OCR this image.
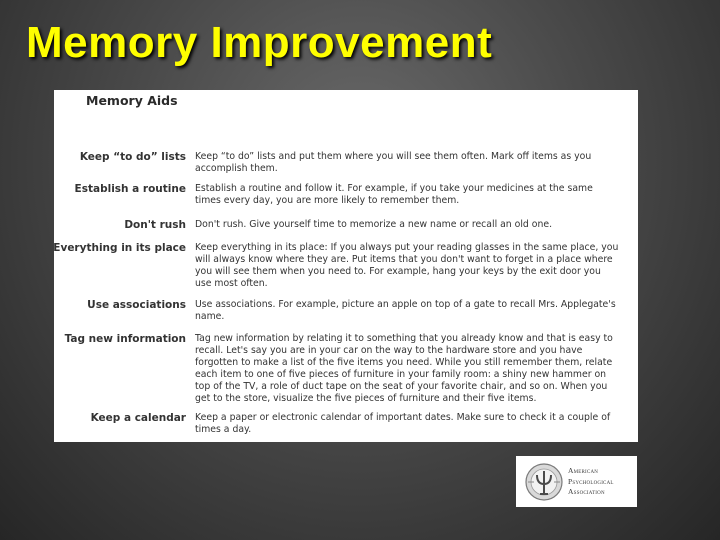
Memory Improvement
Memory Aids
Keep “to do” lists Keep “to do” lists and put them where you will see them often. Mark off items as you accomplish them.
Establish a routine Establish a routine and follow it. For example, if you take your medicines at the same times every day, you are more likely to remember them.
Don't rush Don't rush. Give yourself time to memorize a new name or recall an old one.
Everything in its place Keep everything in its place: If you always put your reading glasses in the same place, you will always know where they are. Put items that you don't want to forget in a place where you will see them when you need to. For example, hang your keys by the exit door you use most often.
Use associations Use associations. For example, picture an apple on top of a gate to recall Mrs. Applegate's name.
Tag new information Tag new information by relating it to something that you already know and that is easy to recall. Let's say you are in your car on the way to the hardware store and you have forgotten to make a list of the five items you need. While you still remember them, relate each item to one of five pieces of furniture in your family room: a shiny new hammer on top of the TV, a role of duct tape on the seat of your favorite chair, and so on. When you get to the store, visualize the five pieces of furniture and their five items.
Keep a calendar Keep a paper or electronic calendar of important dates. Make sure to check it a couple of times a day.
American
Psychological
Association
